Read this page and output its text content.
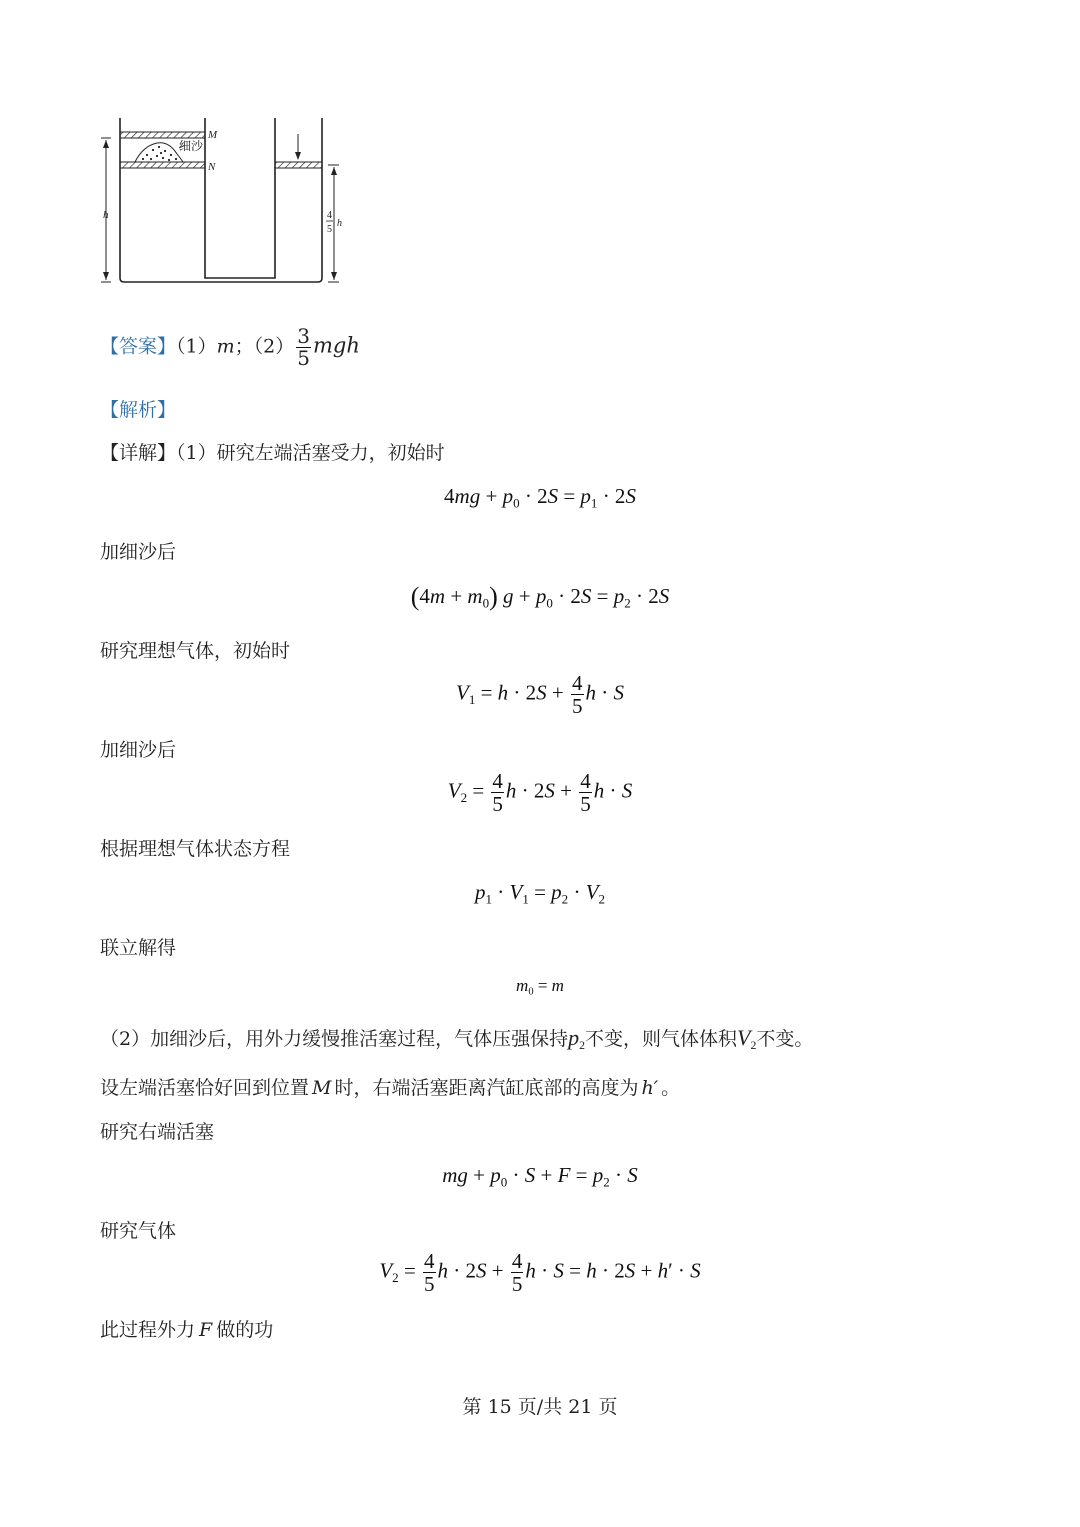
细沙
M
N
h	4
5
h
【答案】（1）m；$(2) \frac{3}{5}$ mgh
【解析】
【详解】（1）研究左端活塞受力，初始时
$4mg + p_0 \cdot 2S = p_1 \cdot 2S$
加细沙后
$(4m + m_0)$ $g + p_0 \cdot 2S = p_2 \cdot 2S$
研究理想气体，初始时
$V_1 = h \cdot 2S + \frac{4}{5}$ h · S
加细沙后
$V_2 = \frac{4}{5}$ $h \cdot 2S + \frac{4}{5}$ h · S
根据理想气体状态方程
$p_1 \cdot V_1 = p_2 \cdot V_2$
联立解得
$m_0 = m$
（2）加细沙后，用外力缓慢推活塞过程，气体压强保持$p_2$不变，则气体体积$V_2$不变。
设左端活塞恰好回到位置 M 时，右端活塞距离汽缸底部的高度为 h′ 。
研究右端活塞
mg + $p_0 \cdot S + F = p_2 \cdot S$
研究气体
$V_2 = \frac{4}{5}$ $h \cdot 2S + \frac{4}{5}$ h · S = h · 2S + h′ · S
此过程外力 F 做的功
第 15 页/共 21 页
